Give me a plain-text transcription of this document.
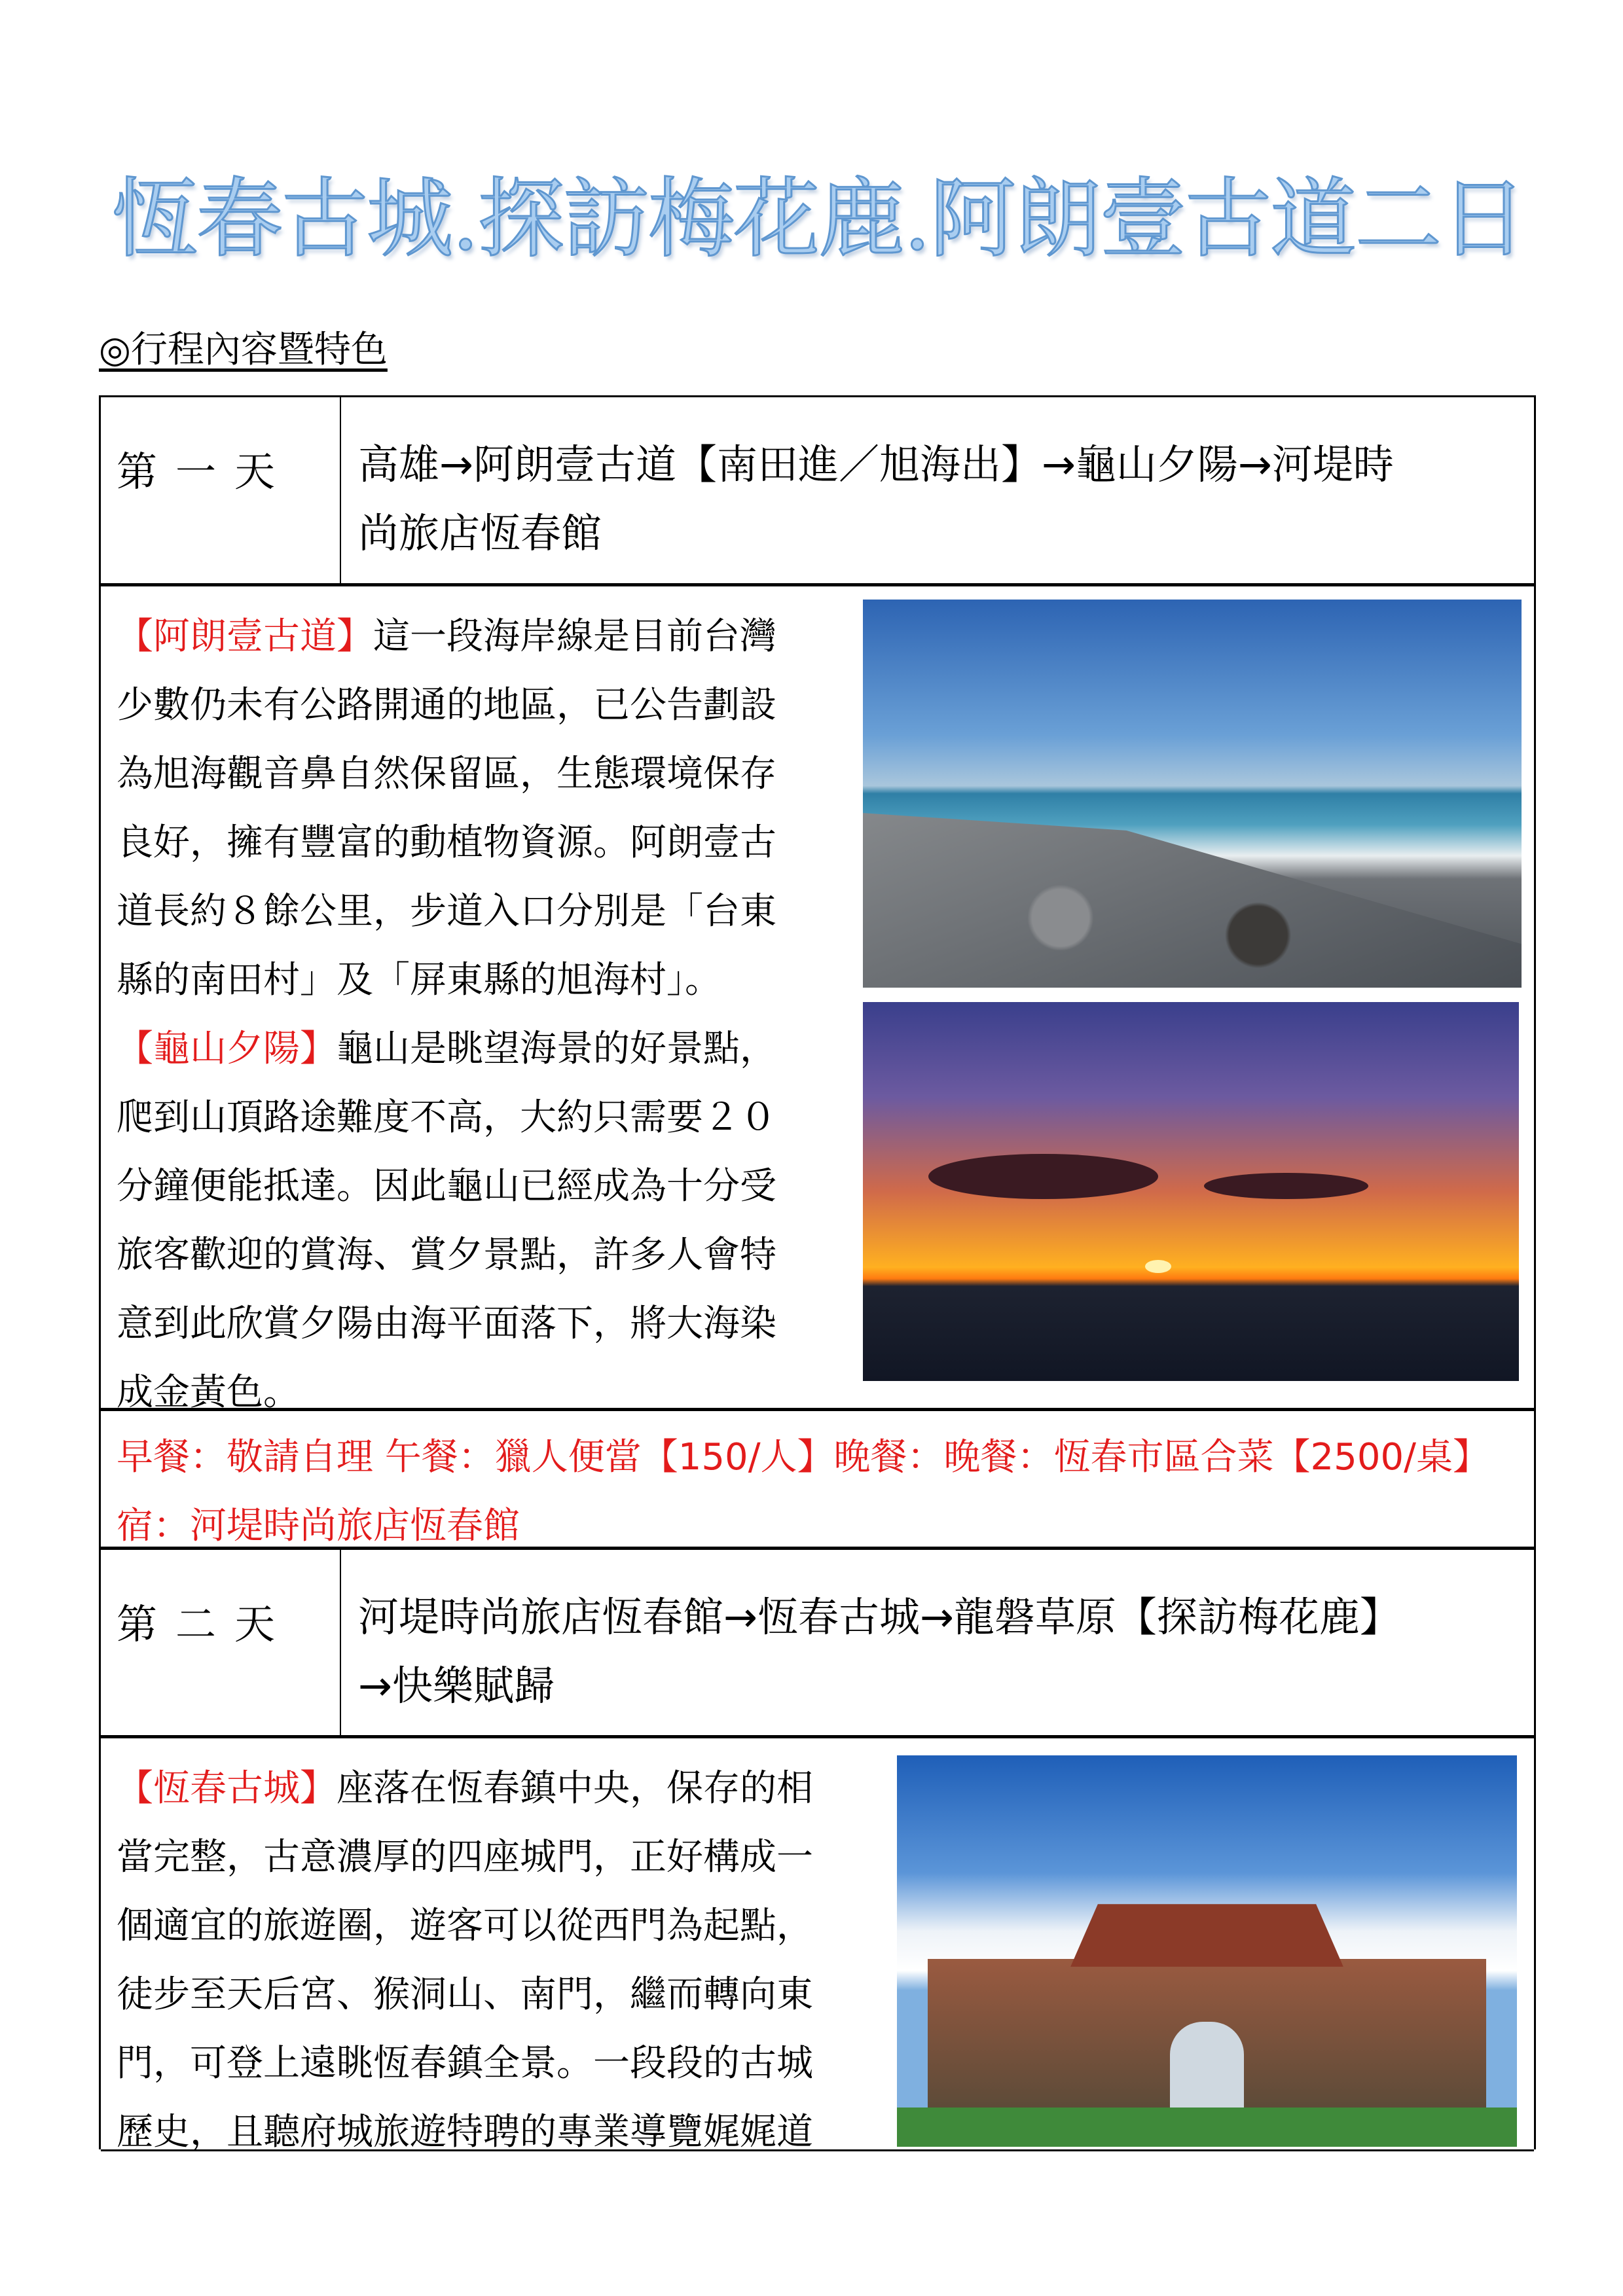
恆春古城.探訪梅花鹿.阿朗壹古道二日
◎行程內容暨特色
第一天	高雄→阿朗壹古道【南田進／旭海出】→龜山夕陽→河堤時
尚旅店恆春館
【阿朗壹古道】這一段海岸線是目前台灣
少數仍未有公路開通的地區，已公告劃設
為旭海觀音鼻自然保留區，生態環境保存
良好，擁有豐富的動植物資源。阿朗壹古
道長約８餘公里，步道入口分別是「台東
縣的南田村」及「屏東縣的旭海村」。
【龜山夕陽】龜山是眺望海景的好景點，
爬到山頂路途難度不高，大約只需要２０
分鐘便能抵達。因此龜山已經成為十分受
旅客歡迎的賞海、賞夕景點，許多人會特
意到此欣賞夕陽由海平面落下，將大海染
成金黃色。
早餐：敬請自理 午餐：獵人便當【150/人】晚餐：晚餐：恆春市區合菜【2500/桌】
宿：河堤時尚旅店恆春館
第二天	河堤時尚旅店恆春館→恆春古城→龍磐草原【探訪梅花鹿】
→快樂賦歸
【恆春古城】座落在恆春鎮中央，保存的相
當完整，古意濃厚的四座城門，正好構成一
個適宜的旅遊圈，遊客可以從西門為起點，
徒步至天后宮、猴洞山、南門，繼而轉向東
門，可登上遠眺恆春鎮全景。一段段的古城
歷史，且聽府城旅遊特聘的專業導覽娓娓道
